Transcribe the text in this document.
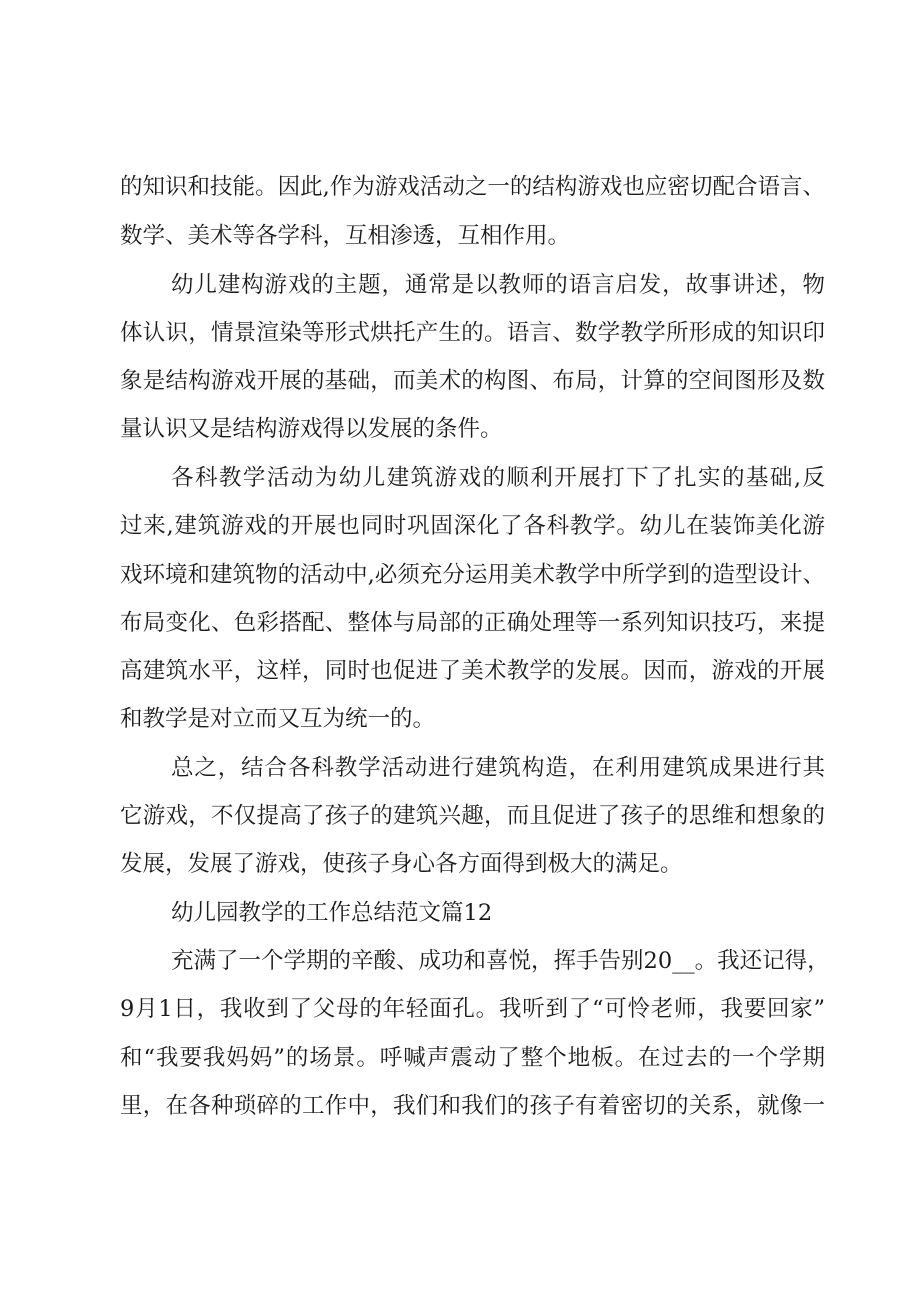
的知识和技能。因此,作为游戏活动之一的结构游戏也应密切配合语言、
数学、美术等各学科，互相渗透，互相作用。
幼儿建构游戏的主题，通常是以教师的语言启发，故事讲述，物
体认识，情景渲染等形式烘托产生的。语言、数学教学所形成的知识印
象是结构游戏开展的基础，而美术的构图、布局，计算的空间图形及数
量认识又是结构游戏得以发展的条件。
各科教学活动为幼儿建筑游戏的顺利开展打下了扎实的基础,反
过来,建筑游戏的开展也同时巩固深化了各科教学。幼儿在装饰美化游
戏环境和建筑物的活动中,必须充分运用美术教学中所学到的造型设计、
布局变化、色彩搭配、整体与局部的正确处理等一系列知识技巧，来提
高建筑水平，这样，同时也促进了美术教学的发展。因而，游戏的开展
和教学是对立而又互为统一的。
总之，结合各科教学活动进行建筑构造，在利用建筑成果进行其
它游戏，不仅提高了孩子的建筑兴趣，而且促进了孩子的思维和想象的
发展，发展了游戏，使孩子身心各方面得到极大的满足。
幼儿园教学的工作总结范文篇12
充满了一个学期的辛酸、成功和喜悦，挥手告别20__。我还记得，
9月1日，我收到了父母的年轻面孔。我听到了“可怜老师，我要回家”
和“我要我妈妈”的场景。呼喊声震动了整个地板。在过去的一个学期
里，在各种琐碎的工作中，我们和我们的孩子有着密切的关系，就像一
